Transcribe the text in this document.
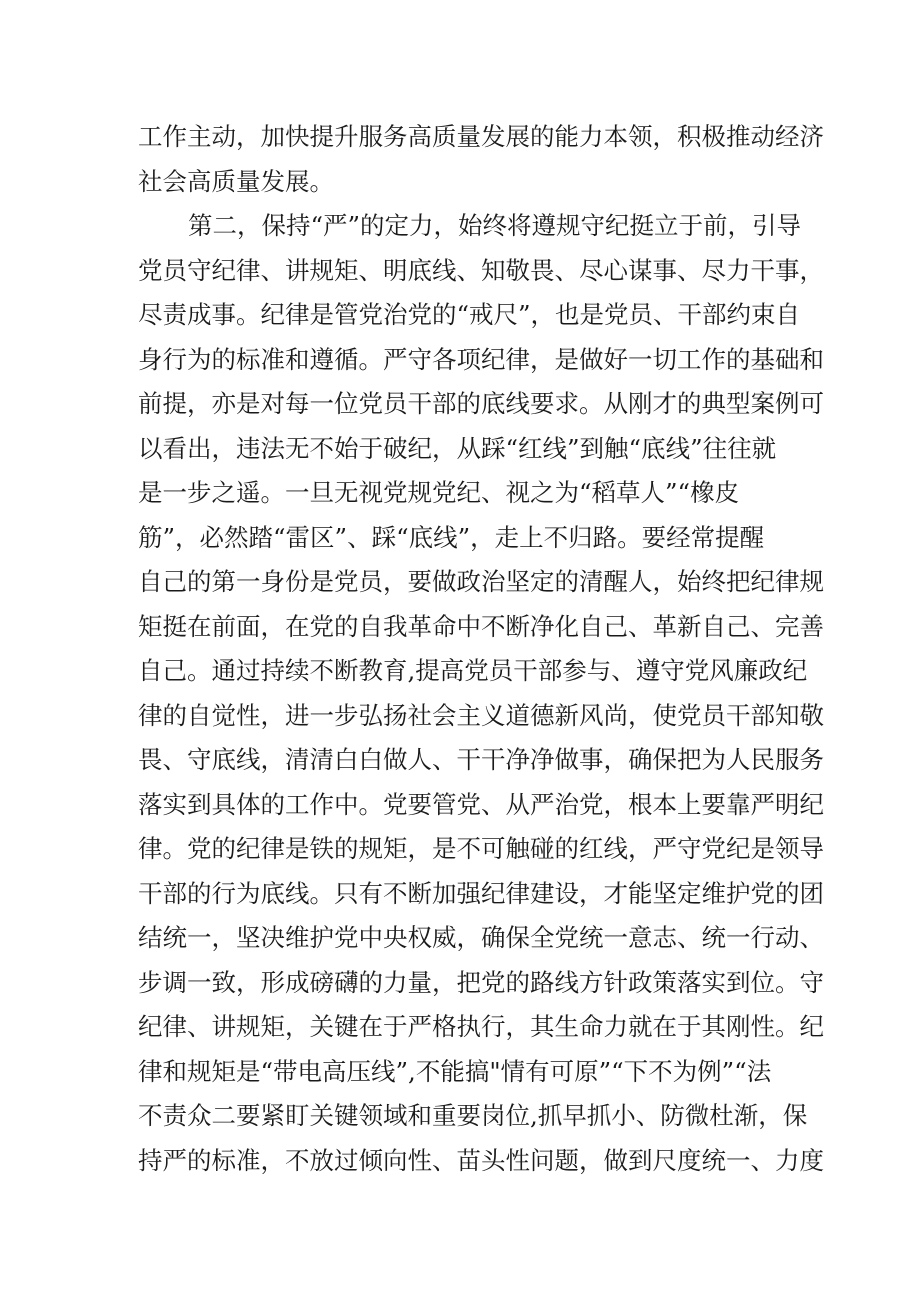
工作主动，加快提升服务高质量发展的能力本领，积极推动经济
社会高质量发展。
第二，保持“严”的定力，始终将遵规守纪挺立于前，引导
党员守纪律、讲规矩、明底线、知敬畏、尽心谋事、尽力干事，
尽责成事。纪律是管党治党的“戒尺”，也是党员、干部约束自
身行为的标准和遵循。严守各项纪律，是做好一切工作的基础和
前提，亦是对每一位党员干部的底线要求。从刚才的典型案例可
以看出，违法无不始于破纪，从踩“红线”到触“底线”往往就
是一步之遥。一旦无视党规党纪、视之为“稻草人”“橡皮
筋”，必然踏“雷区”、踩“底线”，走上不归路。要经常提醒
自己的第一身份是党员，要做政治坚定的清醒人，始终把纪律规
矩挺在前面，在党的自我革命中不断净化自己、革新自己、完善
自己。通过持续不断教育,提高党员干部参与、遵守党风廉政纪
律的自觉性，进一步弘扬社会主义道德新风尚，使党员干部知敬
畏、守底线，清清白白做人、干干净净做事，确保把为人民服务
落实到具体的工作中。党要管党、从严治党，根本上要靠严明纪
律。党的纪律是铁的规矩，是不可触碰的红线，严守党纪是领导
干部的行为底线。只有不断加强纪律建设，才能坚定维护党的团
结统一，坚决维护党中央权威，确保全党统一意志、统一行动、
步调一致，形成磅礴的力量，把党的路线方针政策落实到位。守
纪律、讲规矩，关键在于严格执行，其生命力就在于其刚性。纪
律和规矩是“带电高压线”,不能搞"情有可原”“下不为例”“法
不责众二要紧盯关键领域和重要岗位,抓早抓小、防微杜渐，保
持严的标准，不放过倾向性、苗头性问题，做到尺度统一、力度
